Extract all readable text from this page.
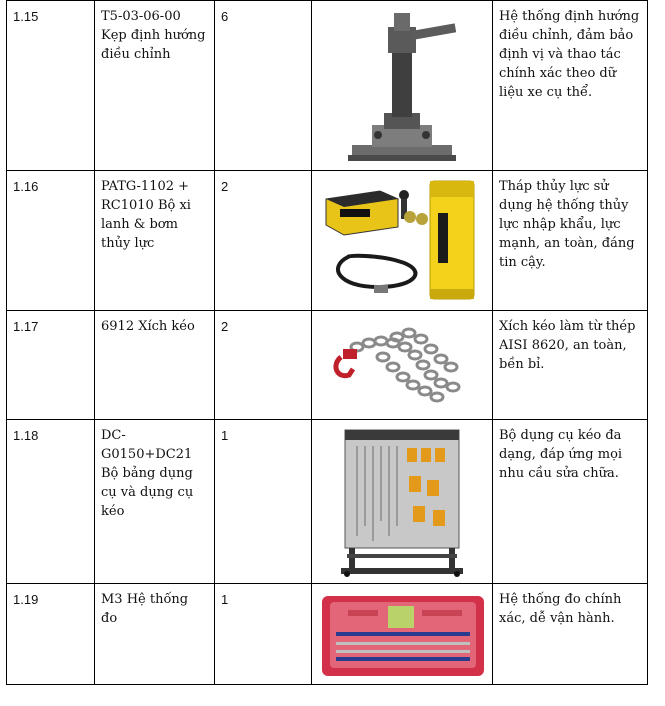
1.15	T5-03-06-00 Kẹp định hướng điều chỉnh	6		Hệ thống định hướng điều chỉnh, đảm bảo định vị và thao tác chính xác theo dữ liệu xe cụ thể.
1.16	PATG-1102 + RC1010 Bộ xi lanh & bơm thủy lực	2		Tháp thủy lực sử dụng hệ thống thủy lực nhập khẩu, lực mạnh, an toàn, đáng tin cậy.
1.17	6912 Xích kéo	2		Xích kéo làm từ thép AISI 8620, an toàn, bền bỉ.
1.18	DC-G0150+DC21 Bộ bảng dụng cụ và dụng cụ kéo	1		Bộ dụng cụ kéo đa dạng, đáp ứng mọi nhu cầu sửa chữa.
1.19	M3 Hệ thống đo	1		Hệ thống đo chính xác, dễ vận hành.
